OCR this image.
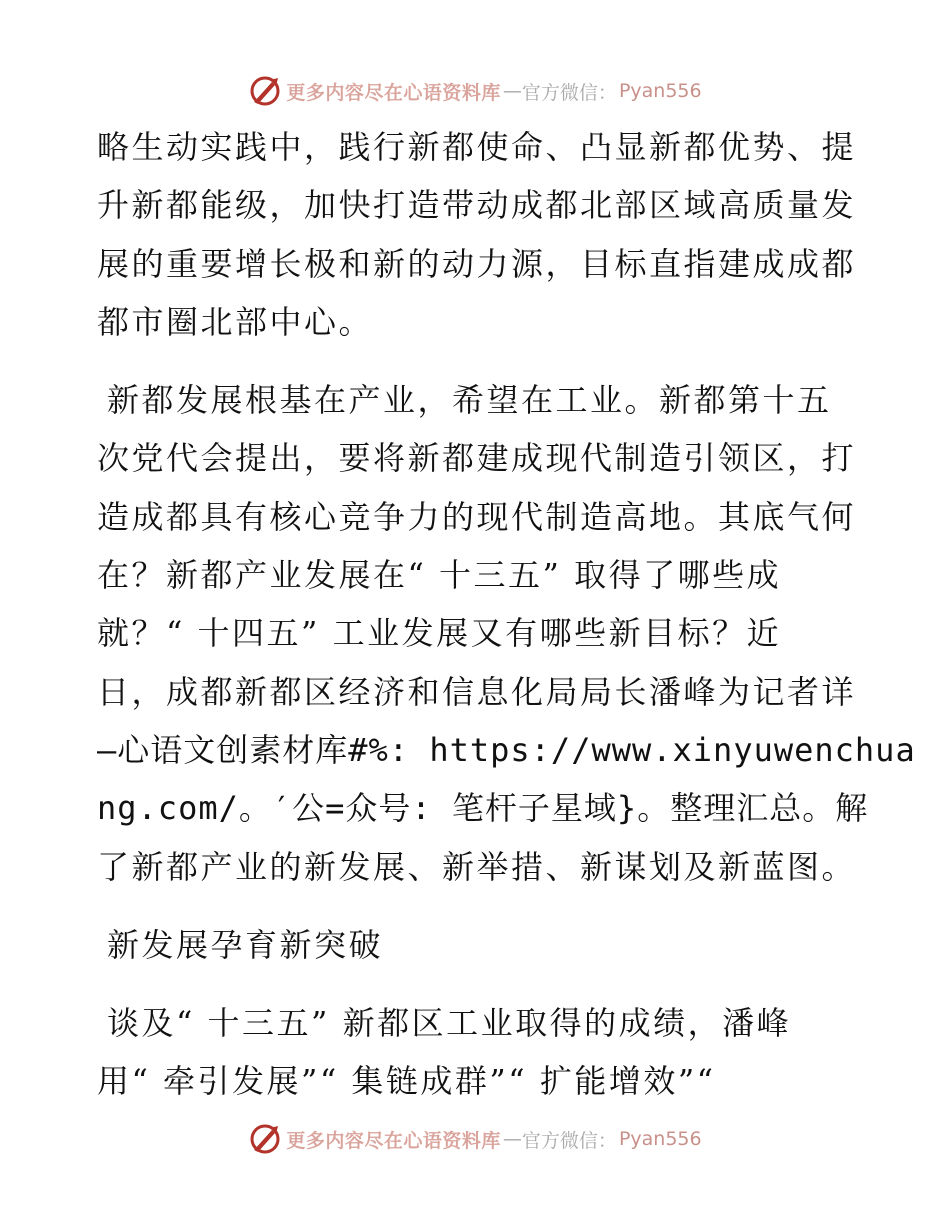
更多内容尽在心语资料库 — 官方微信： Pyan556
略生动实践中，践行新都使命、凸显新都优势、提
升新都能级，加快打造带动成都北部区域高质量发
展的重要增长极和新的动力源，目标直指建成成都
都市圈北部中心。
新都发展根基在产业，希望在工业。新都第十五
次党代会提出，要将新都建成现代制造引领区，打
造成都具有核心竞争力的现代制造高地。其底气何
在？新都产业发展在“ 十三五” 取得了哪些成
就？“ 十四五” 工业发展又有哪些新目标？近
日，成都新都区经济和信息化局局长潘峰为记者详
—心语文创素材库#%: https://www.xinyuwenchua
ng.com/。′公=众号: 笔杆子星域}。整理汇总。解
了新都产业的新发展、新举措、新谋划及新蓝图。
新发展孕育新突破
谈及“ 十三五” 新都区工业取得的成绩，潘峰
用“ 牵引发展”“ 集链成群”“ 扩能增效”“
更多内容尽在心语资料库 — 官方微信： Pyan556
